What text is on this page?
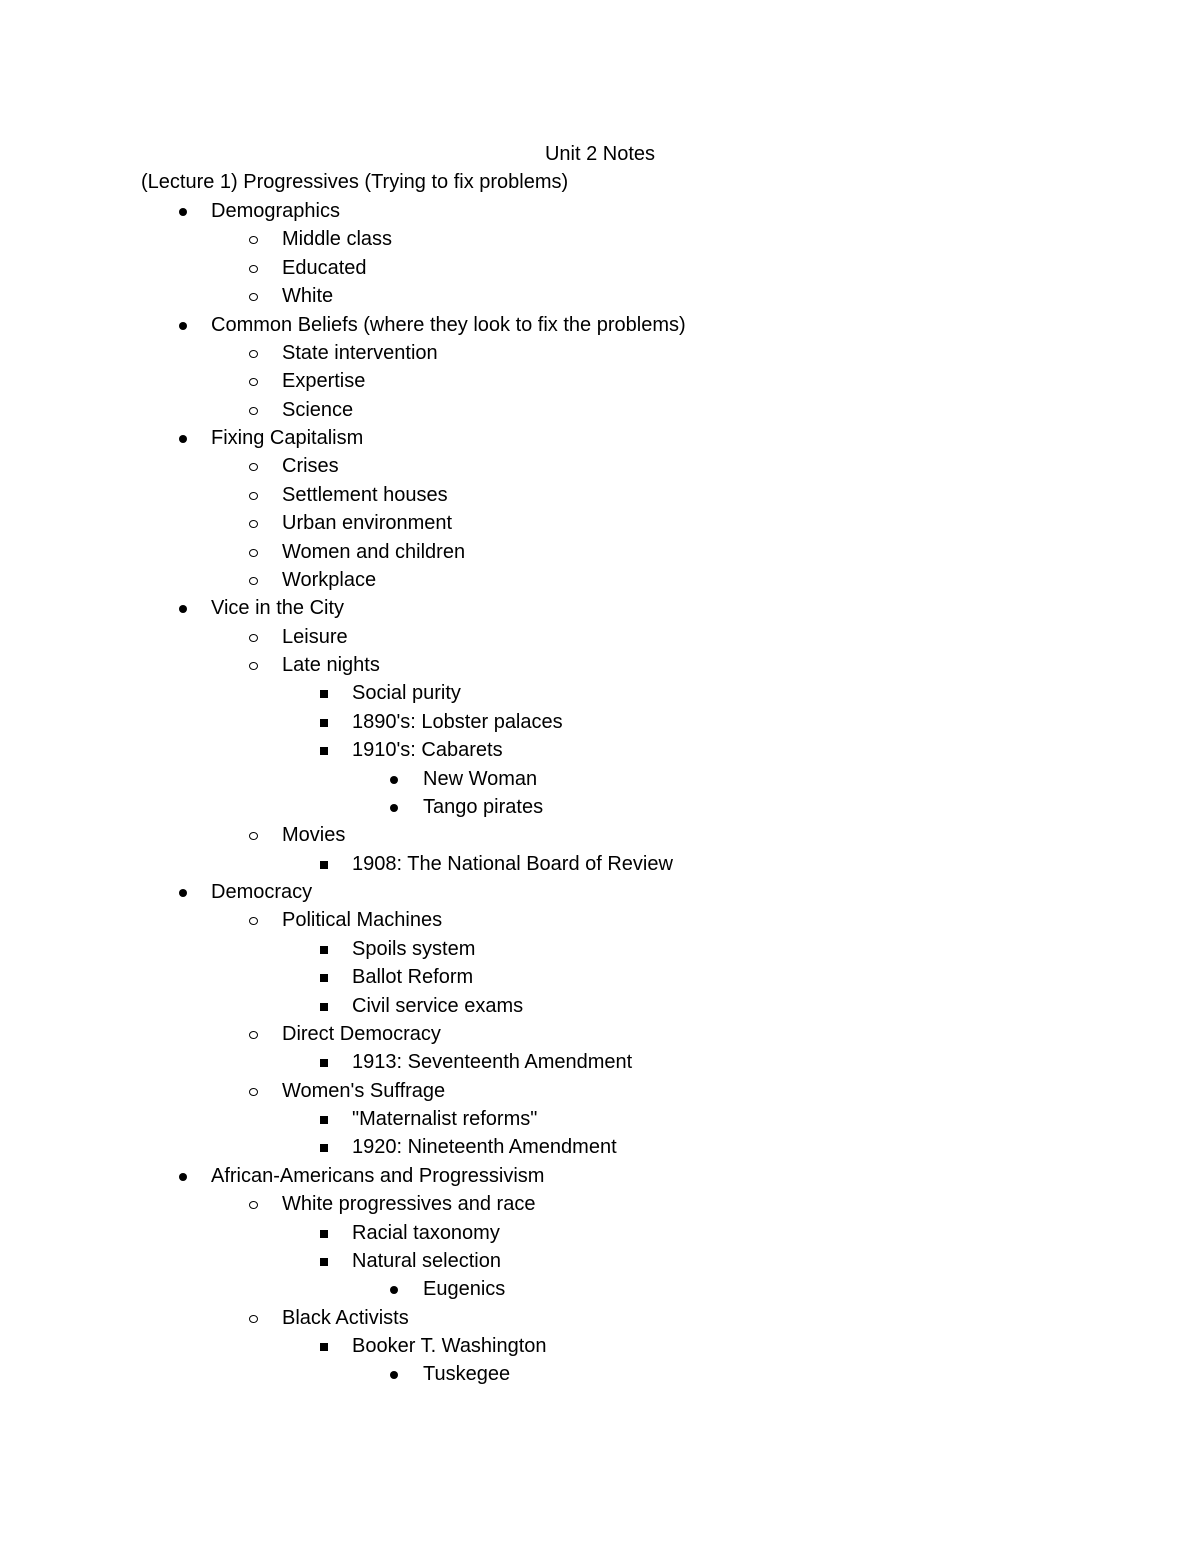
Unit 2 Notes
(Lecture 1) Progressives (Trying to fix problems)
Demographics
Middle class
Educated
White
Common Beliefs (where they look to fix the problems)
State intervention
Expertise
Science
Fixing Capitalism
Crises
Settlement houses
Urban environment
Women and children
Workplace
Vice in the City
Leisure
Late nights
Social purity
1890's: Lobster palaces
1910's: Cabarets
New Woman
Tango pirates
Movies
1908: The National Board of Review
Democracy
Political Machines
Spoils system
Ballot Reform
Civil service exams
Direct Democracy
1913: Seventeenth Amendment
Women's Suffrage
"Maternalist reforms"
1920: Nineteenth Amendment
African-Americans and Progressivism
White progressives and race
Racial taxonomy
Natural selection
Eugenics
Black Activists
Booker T. Washington
Tuskegee
